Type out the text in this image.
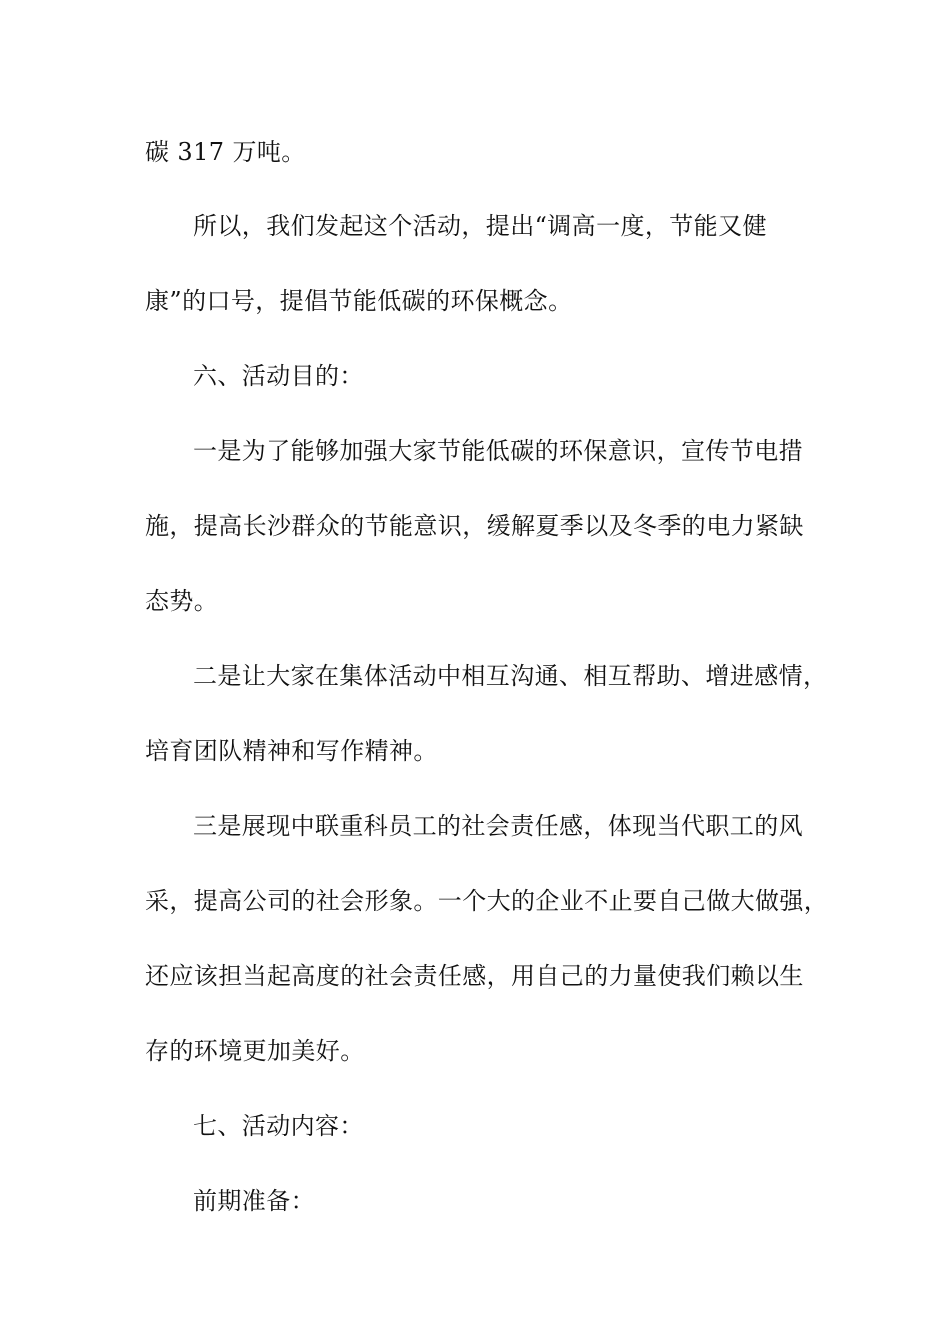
碳 317 万吨。
所以，我们发起这个活动，提出“调高一度，节能又健
康”的口号，提倡节能低碳的环保概念。
六、活动目的：
一是为了能够加强大家节能低碳的环保意识，宣传节电措
施，提高长沙群众的节能意识，缓解夏季以及冬季的电力紧缺
态势。
二是让大家在集体活动中相互沟通、相互帮助、增进感情，
培育团队精神和写作精神。
三是展现中联重科员工的社会责任感，体现当代职工的风
采，提高公司的社会形象。一个大的企业不止要自己做大做强，
还应该担当起高度的社会责任感，用自己的力量使我们赖以生
存的环境更加美好。
七、活动内容：
前期准备：
